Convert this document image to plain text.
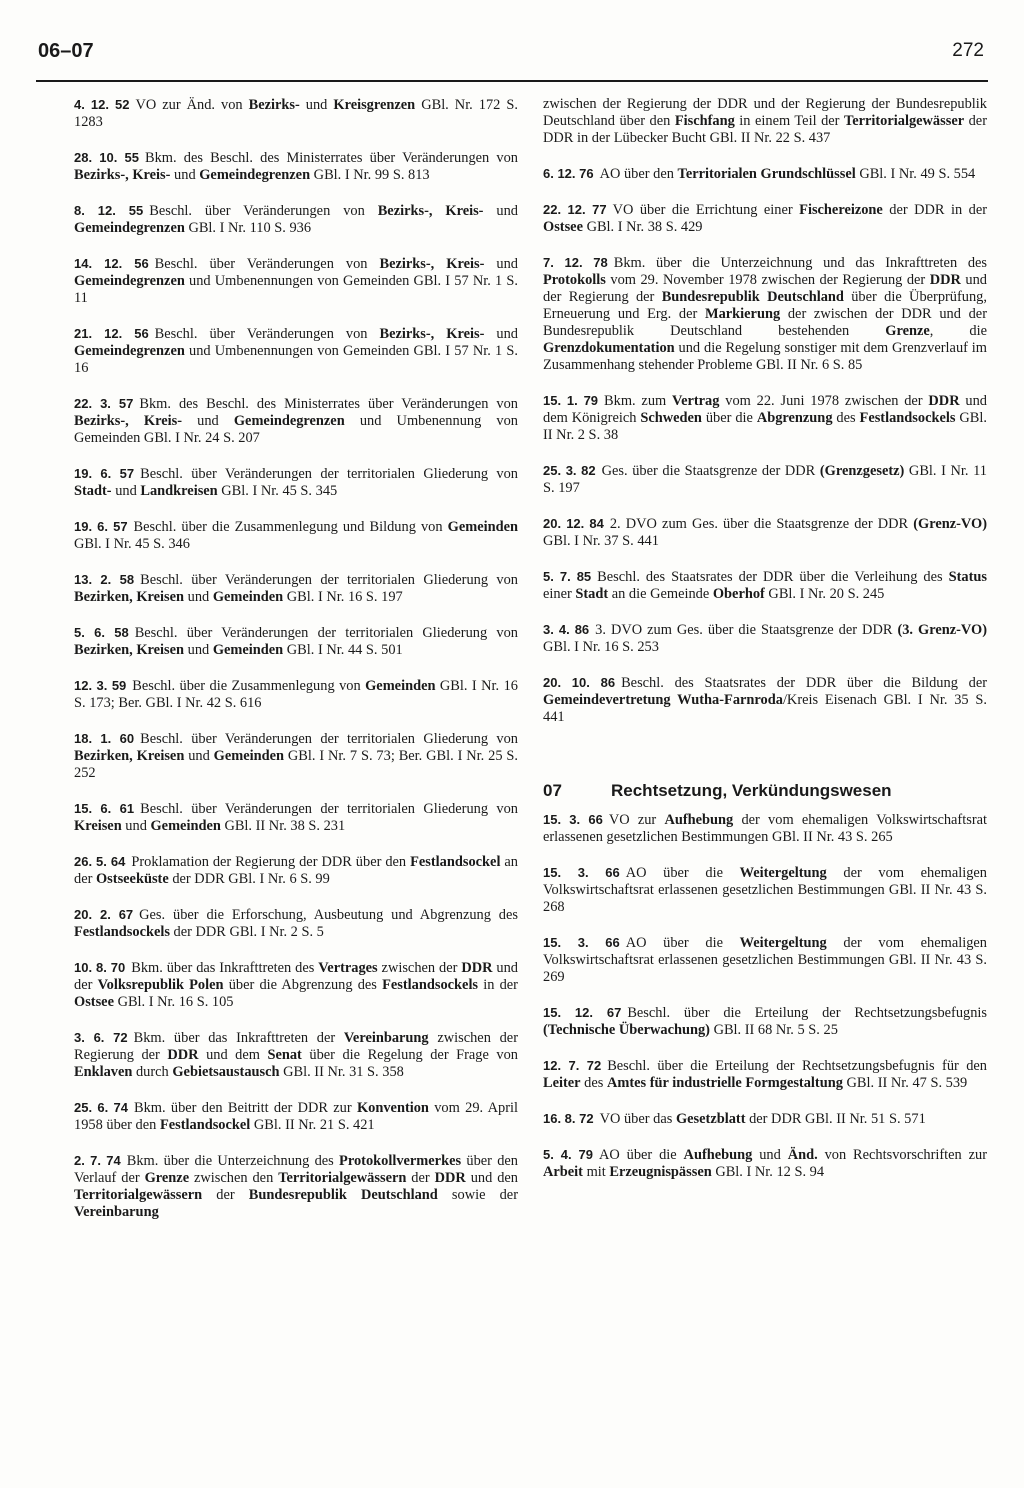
06–07	272

4. 12. 52 VO zur Änd. von Bezirks- und Kreisgrenzen GBl. Nr. 172 S. 1283

28. 10. 55 Bkm. des Beschl. des Ministerrates über Veränderungen von Bezirks-, Kreis- und Gemeindegrenzen GBl. I Nr. 99 S. 813

8. 12. 55 Beschl. über Veränderungen von Bezirks-, Kreis- und Gemeindegrenzen GBl. I Nr. 110 S. 936

14. 12. 56 Beschl. über Veränderungen von Bezirks-, Kreis- und Gemeindegrenzen und Umbenennungen von Gemeinden GBl. I 57 Nr. 1 S. 11

21. 12. 56 Beschl. über Veränderungen von Bezirks-, Kreis- und Gemeindegrenzen und Umbenennungen von Gemeinden GBl. I 57 Nr. 1 S. 16

22. 3. 57 Bkm. des Beschl. des Ministerrates über Veränderungen von Bezirks-, Kreis- und Gemeindegrenzen und Umbenennung von Gemeinden GBl. I Nr. 24 S. 207

19. 6. 57 Beschl. über Veränderungen der territorialen Gliederung von Stadt- und Landkreisen GBl. I Nr. 45 S. 345

19. 6. 57 Beschl. über die Zusammenlegung und Bildung von Gemeinden GBl. I Nr. 45 S. 346

13. 2. 58 Beschl. über Veränderungen der territorialen Gliederung von Bezirken, Kreisen und Gemeinden GBl. I Nr. 16 S. 197

5. 6. 58 Beschl. über Veränderungen der territorialen Gliederung von Bezirken, Kreisen und Gemeinden GBl. I Nr. 44 S. 501

12. 3. 59 Beschl. über die Zusammenlegung von Gemeinden GBl. I Nr. 16 S. 173; Ber. GBl. I Nr. 42 S. 616

18. 1. 60 Beschl. über Veränderungen der territorialen Gliederung von Bezirken, Kreisen und Gemeinden GBl. I Nr. 7 S. 73; Ber. GBl. I Nr. 25 S. 252

15. 6. 61 Beschl. über Veränderungen der territorialen Gliederung von Kreisen und Gemeinden GBl. II Nr. 38 S. 231

26. 5. 64 Proklamation der Regierung der DDR über den Festlandsockel an der Ostseeküste der DDR GBl. I Nr. 6 S. 99

20. 2. 67 Ges. über die Erforschung, Ausbeutung und Abgrenzung des Festlandsockels der DDR GBl. I Nr. 2 S. 5

10. 8. 70 Bkm. über das Inkrafttreten des Vertrages zwischen der DDR und der Volksrepublik Polen über die Abgrenzung des Festlandsockels in der Ostsee GBl. I Nr. 16 S. 105

3. 6. 72 Bkm. über das Inkrafttreten der Vereinbarung zwischen der Regierung der DDR und dem Senat über die Regelung der Frage von Enklaven durch Gebietsaustausch GBl. II Nr. 31 S. 358

25. 6. 74 Bkm. über den Beitritt der DDR zur Konvention vom 29. April 1958 über den Festlandsockel GBl. II Nr. 21 S. 421

2. 7. 74 Bkm. über die Unterzeichnung des Protokollvermerkes über den Verlauf der Grenze zwischen den Territorialgewässern der DDR und den Territorialgewässern der Bundesrepublik Deutschland sowie der Vereinbarung

zwischen der Regierung der DDR und der Regierung der Bundesrepublik Deutschland über den Fischfang in einem Teil der Territorialgewässer der DDR in der Lübecker Bucht GBl. II Nr. 22 S. 437

6. 12. 76 AO über den Territorialen Grundschlüssel GBl. I Nr. 49 S. 554

22. 12. 77 VO über die Errichtung einer Fischereizone der DDR in der Ostsee GBl. I Nr. 38 S. 429

7. 12. 78 Bkm. über die Unterzeichnung und das Inkrafttreten des Protokolls vom 29. November 1978 zwischen der Regierung der DDR und der Regierung der Bundesrepublik Deutschland über die Überprüfung, Erneuerung und Erg. der Markierung der zwischen der DDR und der Bundesrepublik Deutschland bestehenden Grenze, die Grenzdokumentation und die Regelung sonstiger mit dem Grenzverlauf im Zusammenhang stehender Probleme GBl. II Nr. 6 S. 85

15. 1. 79 Bkm. zum Vertrag vom 22. Juni 1978 zwischen der DDR und dem Königreich Schweden über die Abgrenzung des Festlandsockels GBl. II Nr. 2 S. 38

25. 3. 82 Ges. über die Staatsgrenze der DDR (Grenzgesetz) GBl. I Nr. 11 S. 197

20. 12. 84 2. DVO zum Ges. über die Staatsgrenze der DDR (Grenz-VO) GBl. I Nr. 37 S. 441

5. 7. 85 Beschl. des Staatsrates der DDR über die Verleihung des Status einer Stadt an die Gemeinde Oberhof GBl. I Nr. 20 S. 245

3. 4. 86 3. DVO zum Ges. über die Staatsgrenze der DDR (3. Grenz-VO) GBl. I Nr. 16 S. 253

20. 10. 86 Beschl. des Staatsrates der DDR über die Bildung der Gemeindevertretung Wutha-Farnroda/Kreis Eisenach GBl. I Nr. 35 S. 441

07	Rechtsetzung, Verkündungswesen

15. 3. 66 VO zur Aufhebung der vom ehemaligen Volkswirtschaftsrat erlassenen gesetzlichen Bestimmungen GBl. II Nr. 43 S. 265

15. 3. 66 AO über die Weitergeltung der vom ehemaligen Volkswirtschaftsrat erlassenen gesetzlichen Bestimmungen GBl. II Nr. 43 S. 268

15. 3. 66 AO über die Weitergeltung der vom ehemaligen Volkswirtschaftsrat erlassenen gesetzlichen Bestimmungen GBl. II Nr. 43 S. 269

15. 12. 67 Beschl. über die Erteilung der Rechtsetzungsbefugnis (Technische Überwachung) GBl. II 68 Nr. 5 S. 25

12. 7. 72 Beschl. über die Erteilung der Rechtsetzungsbefugnis für den Leiter des Amtes für industrielle Formgestaltung GBl. II Nr. 47 S. 539

16. 8. 72 VO über das Gesetzblatt der DDR GBl. II Nr. 51 S. 571

5. 4. 79 AO über die Aufhebung und Änd. von Rechtsvorschriften zur Arbeit mit Erzeugnispässen GBl. I Nr. 12 S. 94
